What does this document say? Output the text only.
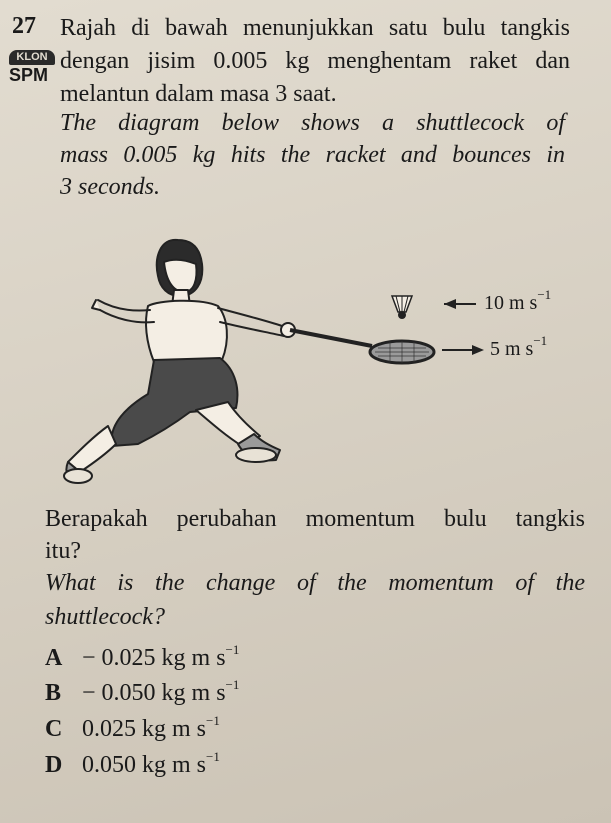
27
KLON
SPM
Rajah di bawah menunjukkan satu bulu tangkis
dengan jisim 0.005 kg menghentam raket dan
melantun dalam masa 3 saat.
The diagram below shows a shuttlecock of
mass 0.005 kg hits the racket and bounces in
3 seconds.
10 m $s^{-1}$
5 m $s^{-1}$
Berapakah perubahan momentum bulu tangkis
itu?
What is the change of the momentum of the
shuttlecock?
A − 0.025 kg m $s^{-1}$
B − 0.050 kg m $s^{-1}$
C 0.025 kg m $s^{-1}$
D 0.050 kg m $s^{-1}$
